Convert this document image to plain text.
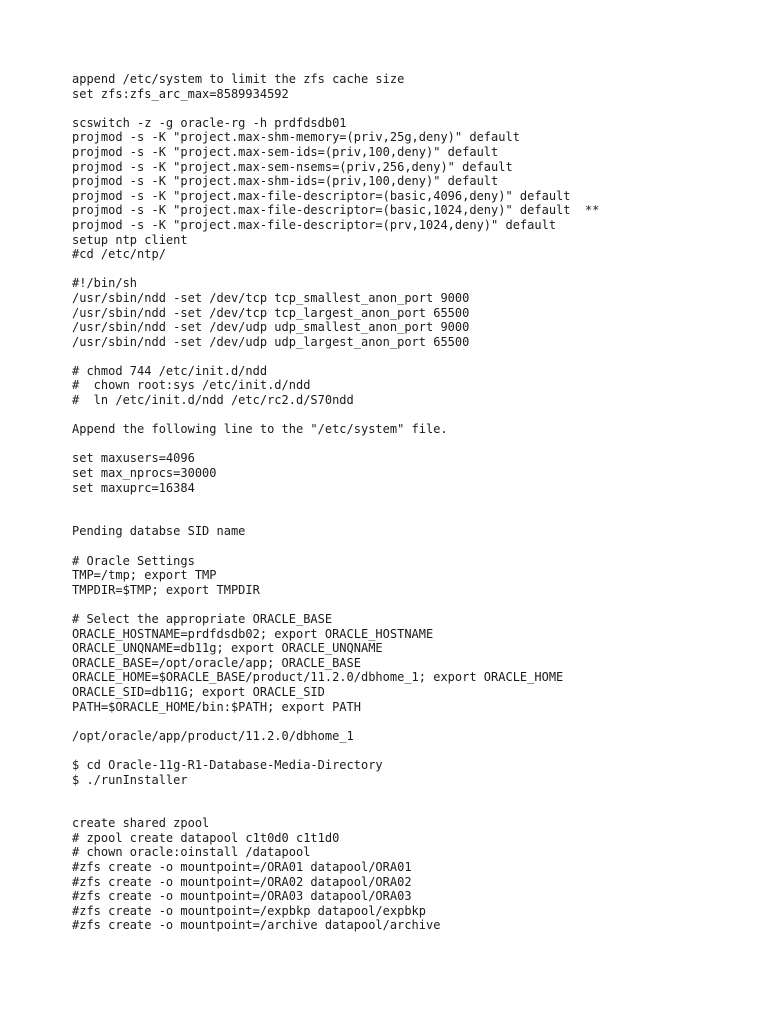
append /etc/system to limit the zfs cache size
set zfs:zfs_arc_max=8589934592
scswitch -z -g oracle-rg -h prdfdsdb01
projmod -s -K "project.max-shm-memory=(priv,25g,deny)" default
projmod -s -K "project.max-sem-ids=(priv,100,deny)" default
projmod -s -K "project.max-sem-nsems=(priv,256,deny)" default
projmod -s -K "project.max-shm-ids=(priv,100,deny)" default
projmod -s -K "project.max-file-descriptor=(basic,4096,deny)" default
projmod -s -K "project.max-file-descriptor=(basic,1024,deny)" default  **
projmod -s -K "project.max-file-descriptor=(prv,1024,deny)" default
setup ntp client
#cd /etc/ntp/
#!/bin/sh
/usr/sbin/ndd -set /dev/tcp tcp_smallest_anon_port 9000
/usr/sbin/ndd -set /dev/tcp tcp_largest_anon_port 65500
/usr/sbin/ndd -set /dev/udp udp_smallest_anon_port 9000
/usr/sbin/ndd -set /dev/udp udp_largest_anon_port 65500
# chmod 744 /etc/init.d/ndd
#  chown root:sys /etc/init.d/ndd
#  ln /etc/init.d/ndd /etc/rc2.d/S70ndd
Append the following line to the "/etc/system" file.
set maxusers=4096
set max_nprocs=30000
set maxuprc=16384
Pending databse SID name
# Oracle Settings
TMP=/tmp; export TMP
TMPDIR=$TMP; export TMPDIR
# Select the appropriate ORACLE_BASE
ORACLE_HOSTNAME=prdfdsdb02; export ORACLE_HOSTNAME
ORACLE_UNQNAME=db11g; export ORACLE_UNQNAME
ORACLE_BASE=/opt/oracle/app; ORACLE_BASE
ORACLE_HOME=$ORACLE_BASE/product/11.2.0/dbhome_1; export ORACLE_HOME
ORACLE_SID=db11G; export ORACLE_SID
PATH=$ORACLE_HOME/bin:$PATH; export PATH
/opt/oracle/app/product/11.2.0/dbhome_1
$ cd Oracle-11g-R1-Database-Media-Directory
$ ./runInstaller
create shared zpool
# zpool create datapool c1t0d0 c1t1d0
# chown oracle:oinstall /datapool
#zfs create -o mountpoint=/ORA01 datapool/ORA01
#zfs create -o mountpoint=/ORA02 datapool/ORA02
#zfs create -o mountpoint=/ORA03 datapool/ORA03
#zfs create -o mountpoint=/expbkp datapool/expbkp
#zfs create -o mountpoint=/archive datapool/archive
